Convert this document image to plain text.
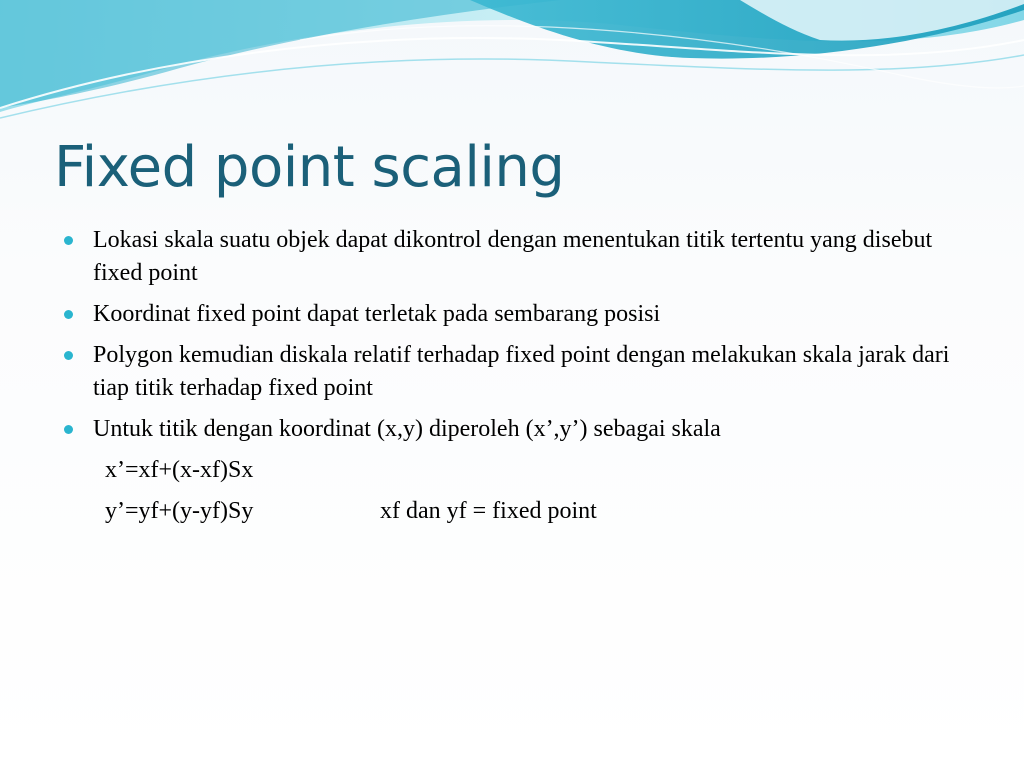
Fixed point scaling
Lokasi skala suatu objek dapat dikontrol dengan menentukan titik tertentu yang disebut fixed point
Koordinat fixed point dapat terletak pada sembarang posisi
Polygon kemudian diskala relatif terhadap fixed point dengan melakukan skala jarak dari tiap titik terhadap fixed point
Untuk titik dengan koordinat (x,y) diperoleh (x’,y’) sebagai skala

x’=xf+(x-xf)Sx

y’=yf+(y-yf)Sy

	xf dan yf = fixed point
